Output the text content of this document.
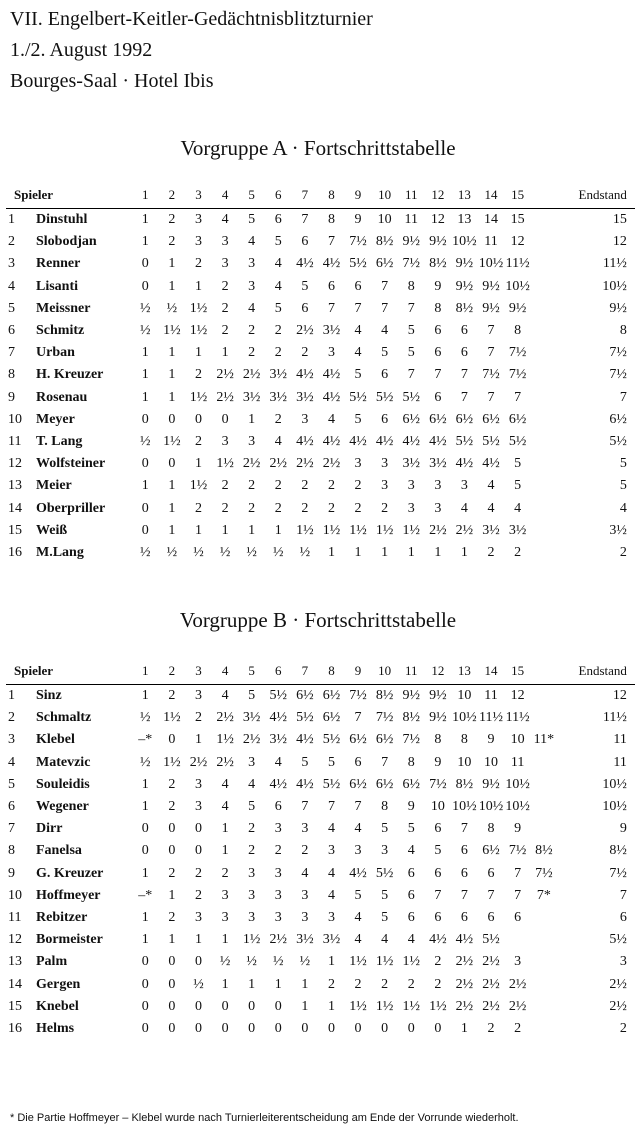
VII. Engelbert-Keitler-Gedächtnisblitzturnier
1./2. August 1992
Bourges-Saal · Hotel Ibis
Vorgruppe A · Fortschrittstabelle
Spieler		1	2	3	4	5	6	7	8	9	10	11	12	13	14	15		Endstand
1	Dinstuhl	1	2	3	4	5	6	7	8	9	10	11	12	13	14	15		15
2	Slobodjan	1	2	3	3	4	5	6	7	7½	8½	9½	9½	10½	11	12		12
3	Renner	0	1	2	3	3	4	4½	4½	5½	6½	7½	8½	9½	10½	11½		11½
4	Lisanti	0	1	1	2	3	4	5	6	6	7	8	9	9½	9½	10½		10½
5	Meissner	½	½	1½	2	4	5	6	7	7	7	7	8	8½	9½	9½		9½
6	Schmitz	½	1½	1½	2	2	2	2½	3½	4	4	5	6	6	7	8		8
7	Urban	1	1	1	1	2	2	2	3	4	5	5	6	6	7	7½		7½
8	H. Kreuzer	1	1	2	2½	2½	3½	4½	4½	5	6	7	7	7	7½	7½		7½
9	Rosenau	1	1	1½	2½	3½	3½	3½	4½	5½	5½	5½	6	7	7	7		7
10	Meyer	0	0	0	0	1	2	3	4	5	6	6½	6½	6½	6½	6½		6½
11	T. Lang	½	1½	2	3	3	4	4½	4½	4½	4½	4½	4½	5½	5½	5½		5½
12	Wolfsteiner	0	0	1	1½	2½	2½	2½	2½	3	3	3½	3½	4½	4½	5		5
13	Meier	1	1	1½	2	2	2	2	2	2	3	3	3	3	4	5		5
14	Oberpriller	0	1	2	2	2	2	2	2	2	2	3	3	4	4	4		4
15	Weiß	0	1	1	1	1	1	1½	1½	1½	1½	1½	2½	2½	3½	3½		3½
16	M.Lang	½	½	½	½	½	½	½	1	1	1	1	1	1	2	2		2
Vorgruppe B · Fortschrittstabelle
Spieler		1	2	3	4	5	6	7	8	9	10	11	12	13	14	15		Endstand
1	Sinz	1	2	3	4	5	5½	6½	6½	7½	8½	9½	9½	10	11	12		12
2	Schmaltz	½	1½	2	2½	3½	4½	5½	6½	7	7½	8½	9½	10½	11½	11½		11½
3	Klebel	–*	0	1	1½	2½	3½	4½	5½	6½	6½	7½	8	8	9	10	11*	11
4	Matevzic	½	1½	2½	2½	3	4	5	5	6	7	8	9	10	10	11		11
5	Souleidis	1	2	3	4	4	4½	4½	5½	6½	6½	6½	7½	8½	9½	10½		10½
6	Wegener	1	2	3	4	5	6	7	7	7	8	9	10	10½	10½	10½		10½
7	Dirr	0	0	0	1	2	3	3	4	4	5	5	6	7	8	9		9
8	Fanelsa	0	0	0	1	2	2	2	3	3	3	4	5	6	6½	7½	8½	8½
9	G. Kreuzer	1	2	2	2	3	3	4	4	4½	5½	6	6	6	6	7	7½	7½
10	Hoffmeyer	–*	1	2	3	3	3	3	4	5	5	6	7	7	7	7	7*	7
11	Rebitzer	1	2	3	3	3	3	3	3	4	5	6	6	6	6	6		6
12	Bormeister	1	1	1	1	1½	2½	3½	3½	4	4	4	4½	4½	5½			5½
13	Palm	0	0	0	½	½	½	½	1	1½	1½	1½	2	2½	2½	3		3
14	Gergen	0	0	½	1	1	1	1	2	2	2	2	2	2½	2½	2½		2½
15	Knebel	0	0	0	0	0	0	1	1	1½	1½	1½	1½	2½	2½	2½		2½
16	Helms	0	0	0	0	0	0	0	0	0	0	0	0	1	2	2		2
* Die Partie Hoffmeyer – Klebel wurde nach Turnierleiterentscheidung am Ende der Vorrunde wiederholt.
